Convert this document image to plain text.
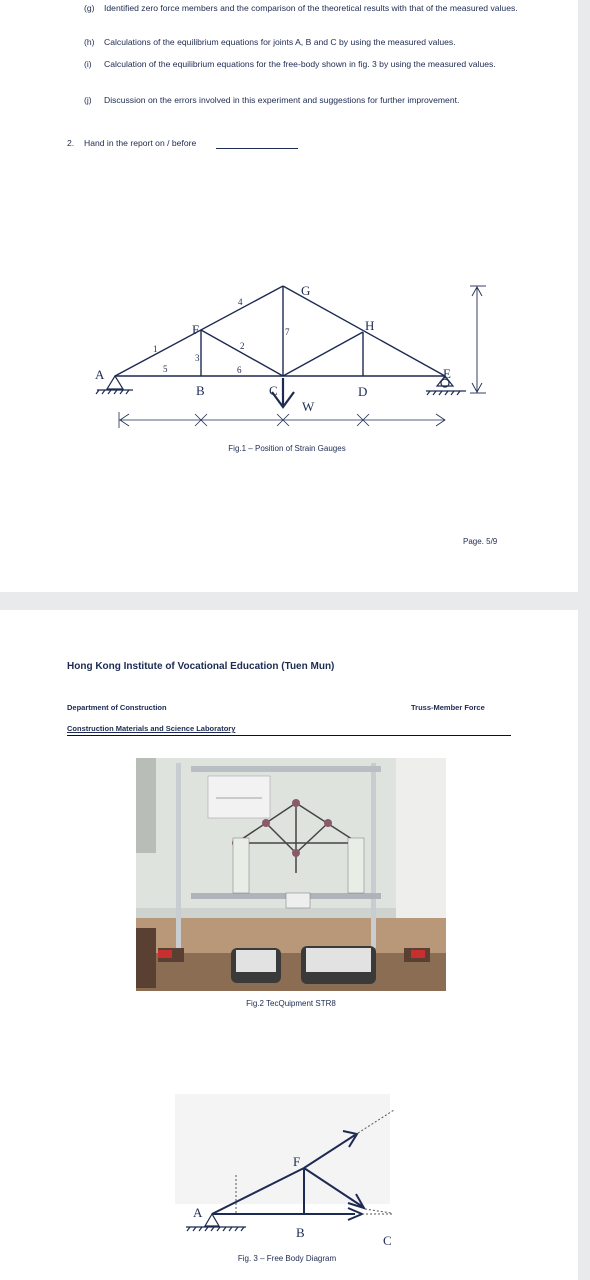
(g) Identified zero force members and the comparison of the theoretical results with that of the measured values.
(h) Calculations of the equilibrium equations for joints A, B and C by using the measured values.
(i) Calculation of the equilibrium equations for the free-body shown in fig. 3 by using the measured values.
(j) Discussion on the errors involved in this experiment and suggestions for further improvement.
2. Hand in the report on / before
A
B	C	D
E
F
G
H
W
1	2
3
4
5	6
7
Fig.1 – Position of Strain Gauges
Page. 5/9
Hong Kong Institute of Vocational Education (Tuen Mun)
Department of Construction	Truss-Member Force
Construction Materials and Science Laboratory
Fig.2 TecQuipment STR8
A
B
C
F
Fig. 3 – Free Body Diagram
